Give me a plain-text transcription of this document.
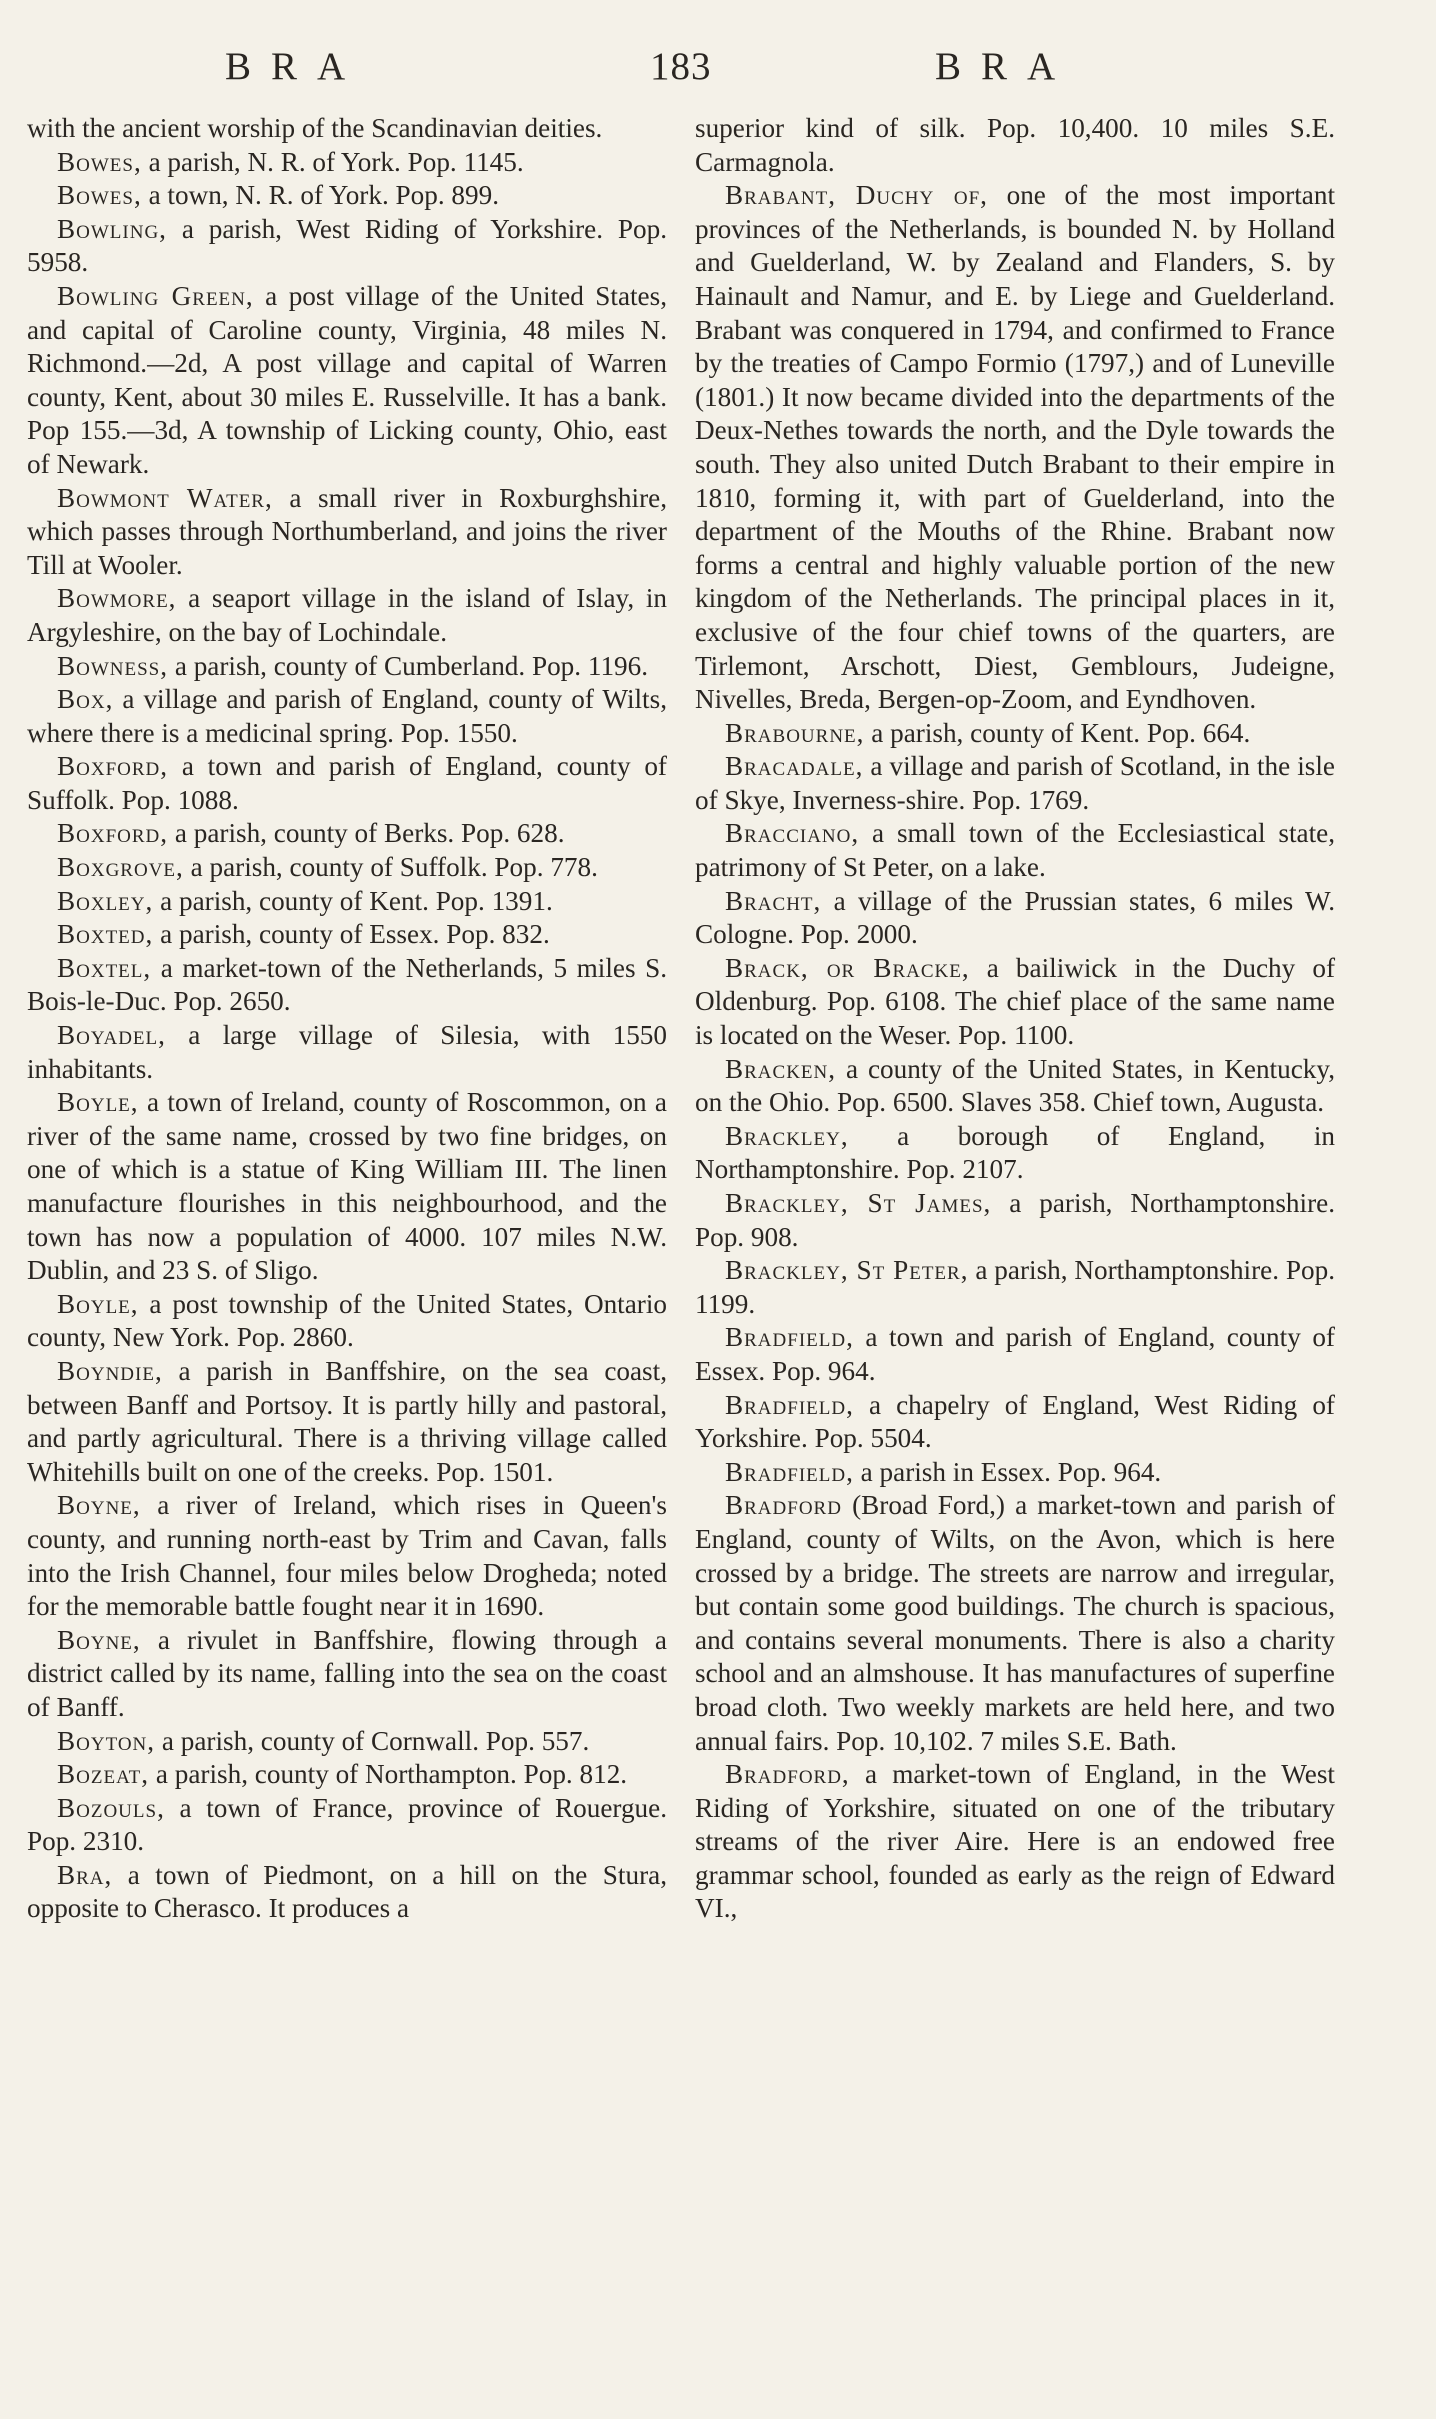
BRA	183	BRA

with the ancient worship of the Scandinavian deities.

Bowes, a parish, N. R. of York. Pop. 1145.

Bowes, a town, N. R. of York. Pop. 899.

Bowling, a parish, West Riding of Yorkshire. Pop. 5958.

Bowling Green, a post village of the United States, and capital of Caroline county, Virginia, 48 miles N. Richmond.—2d, A post village and capital of Warren county, Kent, about 30 miles E. Russelville. It has a bank. Pop 155.—3d, A township of Licking county, Ohio, east of Newark.

Bowmont Water, a small river in Roxburghshire, which passes through Northumberland, and joins the river Till at Wooler.

Bowmore, a seaport village in the island of Islay, in Argyleshire, on the bay of Lochindale.

Bowness, a parish, county of Cumberland. Pop. 1196.

Box, a village and parish of England, county of Wilts, where there is a medicinal spring. Pop. 1550.

Boxford, a town and parish of England, county of Suffolk. Pop. 1088.

Boxford, a parish, county of Berks. Pop. 628.

Boxgrove, a parish, county of Suffolk. Pop. 778.

Boxley, a parish, county of Kent. Pop. 1391.

Boxted, a parish, county of Essex. Pop. 832.

Boxtel, a market-town of the Netherlands, 5 miles S. Bois-le-Duc. Pop. 2650.

Boyadel, a large village of Silesia, with 1550 inhabitants.

Boyle, a town of Ireland, county of Roscommon, on a river of the same name, crossed by two fine bridges, on one of which is a statue of King William III. The linen manufacture flourishes in this neighbourhood, and the town has now a population of 4000. 107 miles N.W. Dublin, and 23 S. of Sligo.

Boyle, a post township of the United States, Ontario county, New York. Pop. 2860.

Boyndie, a parish in Banffshire, on the sea coast, between Banff and Portsoy. It is partly hilly and pastoral, and partly agricultural. There is a thriving village called Whitehills built on one of the creeks. Pop. 1501.

Boyne, a river of Ireland, which rises in Queen's county, and running north-east by Trim and Cavan, falls into the Irish Channel, four miles below Drogheda; noted for the memorable battle fought near it in 1690.

Boyne, a rivulet in Banffshire, flowing through a district called by its name, falling into the sea on the coast of Banff.

Boyton, a parish, county of Cornwall. Pop. 557.

Bozeat, a parish, county of Northampton. Pop. 812.

Bozouls, a town of France, province of Rouergue. Pop. 2310.

Bra, a town of Piedmont, on a hill on the Stura, opposite to Cherasco. It produces a

superior kind of silk. Pop. 10,400. 10 miles S.E. Carmagnola.

Brabant, Duchy of, one of the most important provinces of the Netherlands, is bounded N. by Holland and Guelderland, W. by Zealand and Flanders, S. by Hainault and Namur, and E. by Liege and Guelderland. Brabant was conquered in 1794, and confirmed to France by the treaties of Campo Formio (1797,) and of Luneville (1801.) It now became divided into the departments of the Deux-Nethes towards the north, and the Dyle towards the south. They also united Dutch Brabant to their empire in 1810, forming it, with part of Guelderland, into the department of the Mouths of the Rhine. Brabant now forms a central and highly valuable portion of the new kingdom of the Netherlands. The principal places in it, exclusive of the four chief towns of the quarters, are Tirlemont, Arschott, Diest, Gemblours, Judeigne, Nivelles, Breda, Bergen-op-Zoom, and Eyndhoven.

Brabourne, a parish, county of Kent. Pop. 664.

Bracadale, a village and parish of Scotland, in the isle of Skye, Inverness-shire. Pop. 1769.

Bracciano, a small town of the Ecclesiastical state, patrimony of St Peter, on a lake.

Bracht, a village of the Prussian states, 6 miles W. Cologne. Pop. 2000.

Brack, or Bracke, a bailiwick in the Duchy of Oldenburg. Pop. 6108. The chief place of the same name is located on the Weser. Pop. 1100.

Bracken, a county of the United States, in Kentucky, on the Ohio. Pop. 6500. Slaves 358. Chief town, Augusta.

Brackley, a borough of England, in Northamptonshire. Pop. 2107.

Brackley, St James, a parish, Northamptonshire. Pop. 908.

Brackley, St Peter, a parish, Northamptonshire. Pop. 1199.

Bradfield, a town and parish of England, county of Essex. Pop. 964.

Bradfield, a chapelry of England, West Riding of Yorkshire. Pop. 5504.

Bradfield, a parish in Essex. Pop. 964.

Bradford (Broad Ford,) a market-town and parish of England, county of Wilts, on the Avon, which is here crossed by a bridge. The streets are narrow and irregular, but contain some good buildings. The church is spacious, and contains several monuments. There is also a charity school and an almshouse. It has manufactures of superfine broad cloth. Two weekly markets are held here, and two annual fairs. Pop. 10,102. 7 miles S.E. Bath.

Bradford, a market-town of England, in the West Riding of Yorkshire, situated on one of the tributary streams of the river Aire. Here is an endowed free grammar school, founded as early as the reign of Edward VI.,
